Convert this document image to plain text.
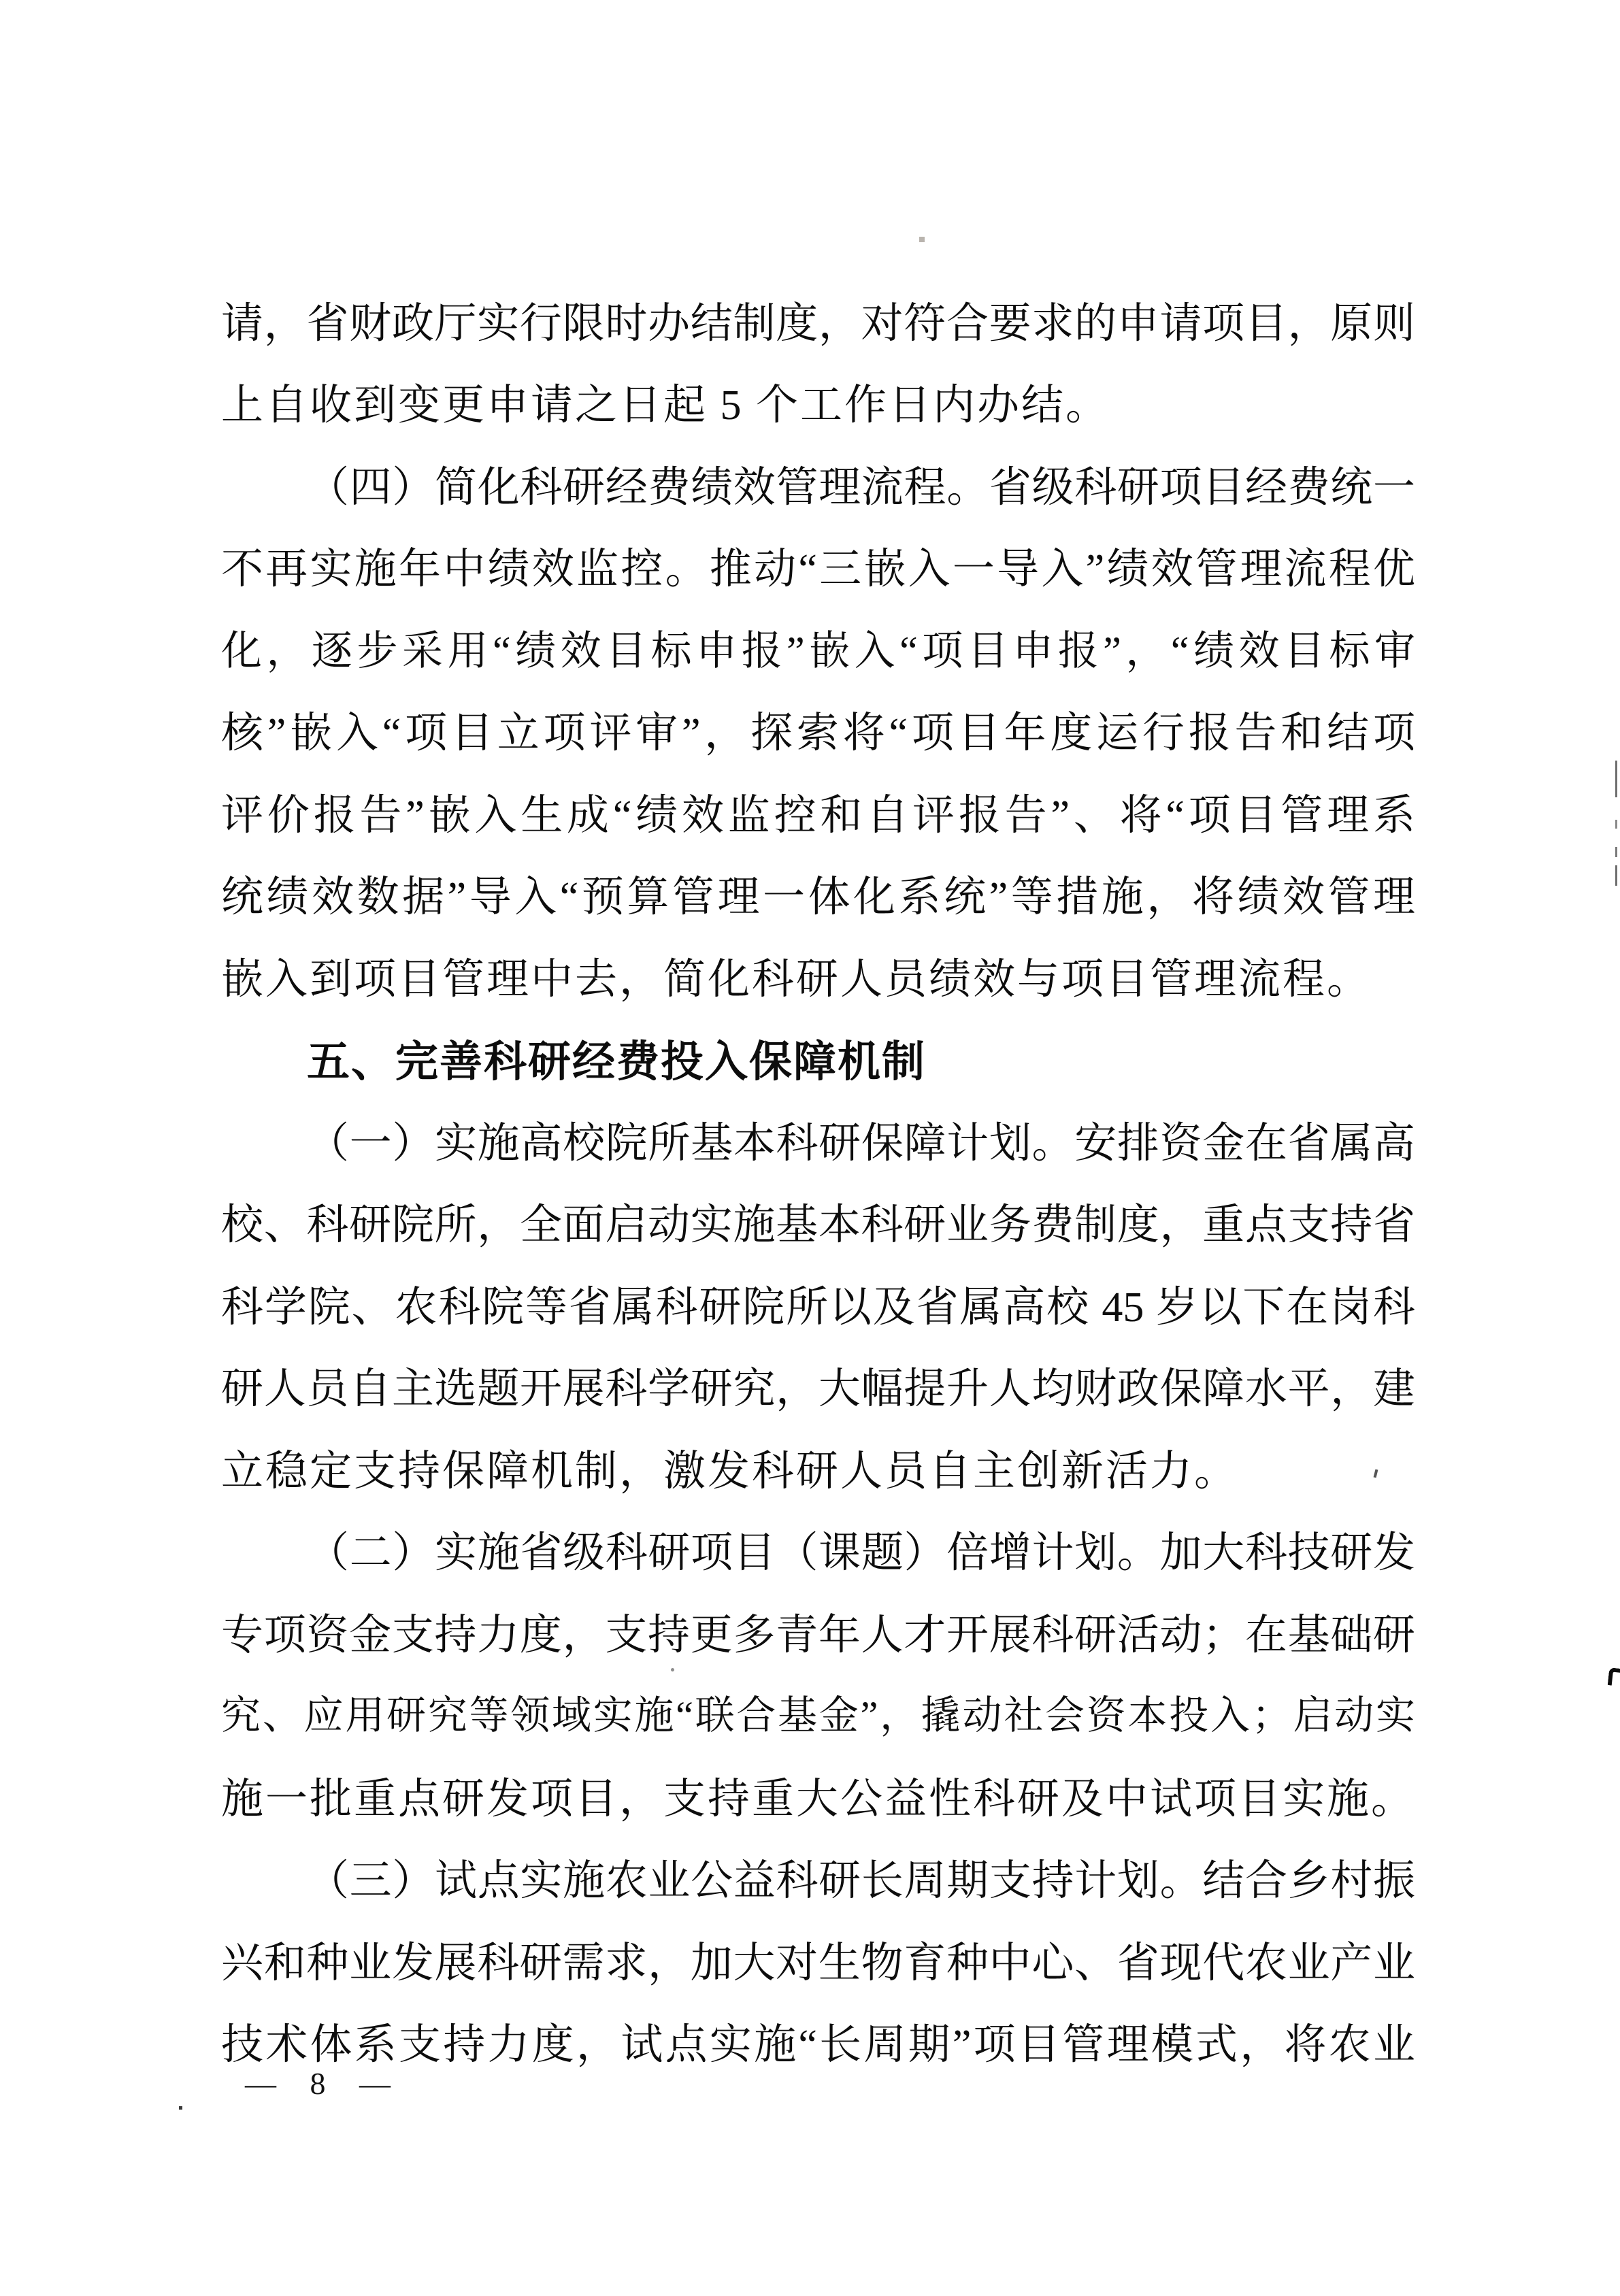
请，省财政厅实行限时办结制度，对符合要求的申请项目，原则
上自收到变更申请之日起 5 个工作日内办结。
（四）简化科研经费绩效管理流程。省级科研项目经费统一
不再实施年中绩效监控。推动“三嵌入一导入”绩效管理流程优
化，逐步采用“绩效目标申报”嵌入“项目申报”，“绩效目标审
核”嵌入“项目立项评审”，探索将“项目年度运行报告和结项
评价报告”嵌入生成“绩效监控和自评报告”、将“项目管理系
统绩效数据”导入“预算管理一体化系统”等措施，将绩效管理
嵌入到项目管理中去，简化科研人员绩效与项目管理流程。
五、完善科研经费投入保障机制
（一）实施高校院所基本科研保障计划。安排资金在省属高
校、科研院所，全面启动实施基本科研业务费制度，重点支持省
科学院、农科院等省属科研院所以及省属高校 45 岁以下在岗科
研人员自主选题开展科学研究，大幅提升人均财政保障水平，建
立稳定支持保障机制，激发科研人员自主创新活力。
（二）实施省级科研项目（课题）倍增计划。加大科技研发
专项资金支持力度，支持更多青年人才开展科研活动；在基础研
究、应用研究等领域实施“联合基金”，撬动社会资本投入；启动实
施一批重点研发项目，支持重大公益性科研及中试项目实施。
（三）试点实施农业公益科研长周期支持计划。结合乡村振
兴和种业发展科研需求，加大对生物育种中心、省现代农业产业
技术体系支持力度，试点实施“长周期”项目管理模式，将农业
— 8 —
